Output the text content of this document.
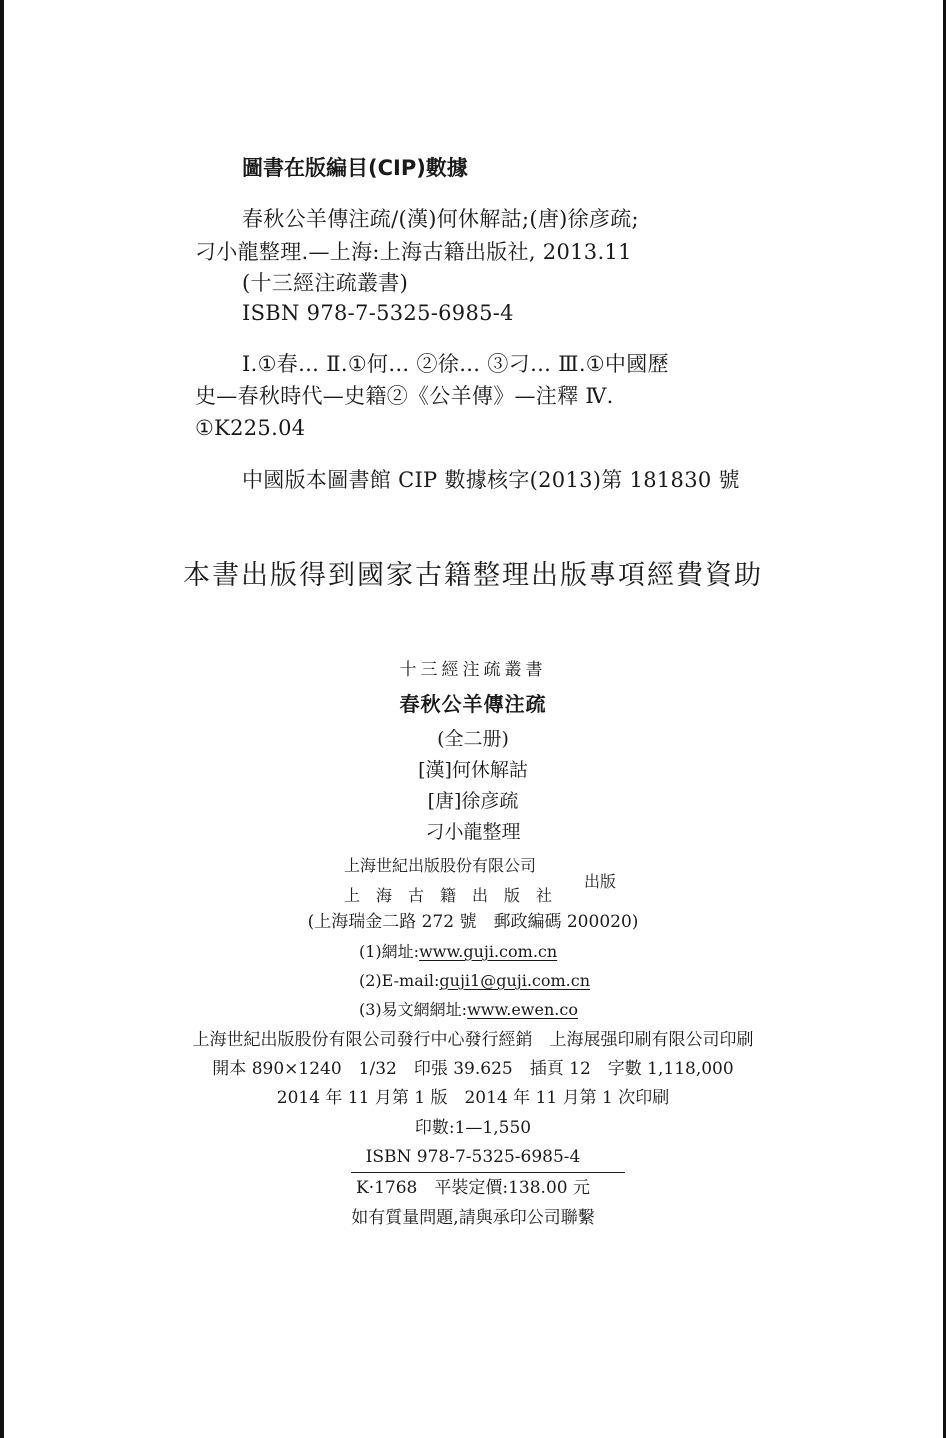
圖書在版編目(CIP)數據
春秋公羊傳注疏/(漢)何休解詁;(唐)徐彦疏;
刁小龍整理.—上海:上海古籍出版社, 2013.11
(十三經注疏叢書)
ISBN 978-7-5325-6985-4
Ⅰ.①春… Ⅱ.①何… ②徐… ③刁… Ⅲ.①中國歷
史—春秋時代—史籍②《公羊傳》—注釋 Ⅳ.
①K225.04
中國版本圖書館 CIP 數據核字(2013)第 181830 號
本書出版得到國家古籍整理出版專項經費資助
十三經注疏叢書
春秋公羊傳注疏
(全二册)
[漢]何休解詁
[唐]徐彦疏
刁小龍整理
上海世紀出版股份有限公司
上海古籍出版社
出版
(上海瑞金二路 272 號　郵政編碼 200020)
(1)網址:www.guji.com.cn
(2)E-mail:guji1@guji.com.cn
(3)易文網網址:www.ewen.co
上海世紀出版股份有限公司發行中心發行經銷　上海展强印刷有限公司印刷
開本 890×1240　1/32　印張 39.625　插頁 12　字數 1,118,000
2014 年 11 月第 1 版　2014 年 11 月第 1 次印刷
印數:1—1,550
ISBN 978-7-5325-6985-4
K·1768　平裝定價:138.00 元
如有質量問題,請與承印公司聯繫
